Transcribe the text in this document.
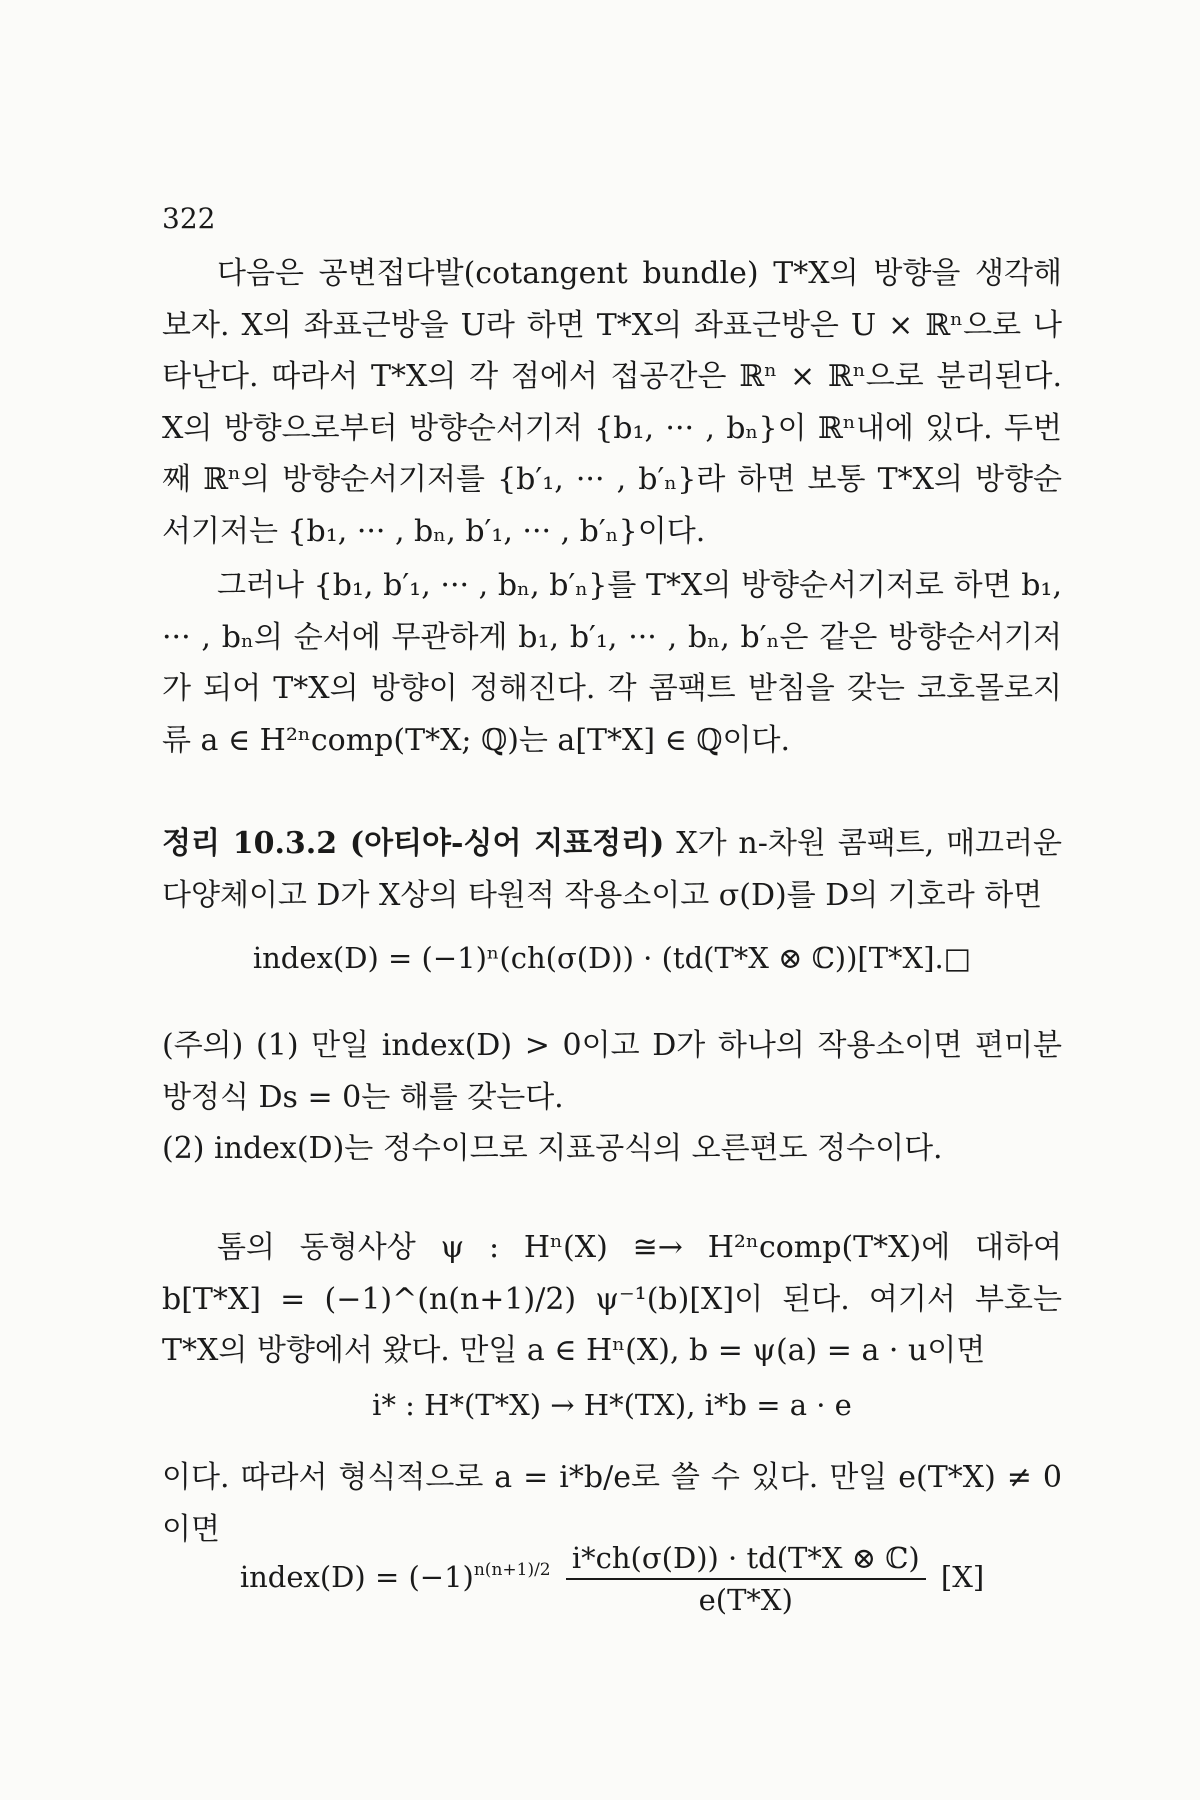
322
다음은 공변접다발(cotangent bundle) T*X의 방향을 생각해 보자. X의 좌표근방을 U라 하면 T*X의 좌표근방은 U × ℝⁿ으로 나타난다. 따라서 T*X의 각 점에서 접공간은 ℝⁿ × ℝⁿ으로 분리된다. X의 방향으로부터 방향순서기저 {b₁, ··· , bₙ}이 ℝⁿ내에 있다. 두번째 ℝⁿ의 방향순서기저를 {b′₁, ··· , b′ₙ}라 하면 보통 T*X의 방향순서기저는 {b₁, ··· , bₙ, b′₁, ··· , b′ₙ}이다.
그러나 {b₁, b′₁, ··· , bₙ, b′ₙ}를 T*X의 방향순서기저로 하면 b₁, ··· , bₙ의 순서에 무관하게 b₁, b′₁, ··· , bₙ, b′ₙ은 같은 방향순서기저가 되어 T*X의 방향이 정해진다. 각 콤팩트 받침을 갖는 코호몰로지류 a ∈ H²ⁿcomp(T*X; ℚ)는 a[T*X] ∈ ℚ이다.
정리 10.3.2 (아티야-싱어 지표정리) X가 n-차원 콤팩트, 매끄러운 다양체이고 D가 X상의 타원적 작용소이고 σ(D)를 D의 기호라 하면
index(D) = (−1)ⁿ(ch(σ(D)) · (td(T*X ⊗ ℂ))[T*X].□
(주의) (1) 만일 index(D) > 0이고 D가 하나의 작용소이면 편미분방정식 Ds = 0는 해를 갖는다.
(2) index(D)는 정수이므로 지표공식의 오른편도 정수이다.
톰의 동형사상 ψ : Hⁿ(X) ≅→ H²ⁿcomp(T*X)에 대하여 b[T*X] = (−1)^(n(n+1)/2) ψ⁻¹(b)[X]이 된다. 여기서 부호는 T*X의 방향에서 왔다. 만일 a ∈ Hⁿ(X), b = ψ(a) = a · u이면
i* : H*(T*X) → H*(TX), i*b = a · e
이다. 따라서 형식적으로 a = i*b/e로 쓸 수 있다. 만일 e(T*X) ≠ 0이면
index(D) = $(-1)^{n(n+1)/2} \frac{\text{i*ch(σ(D)) · td(T*X ⊗ ℂ)}}{e(T*X)} [X]$
